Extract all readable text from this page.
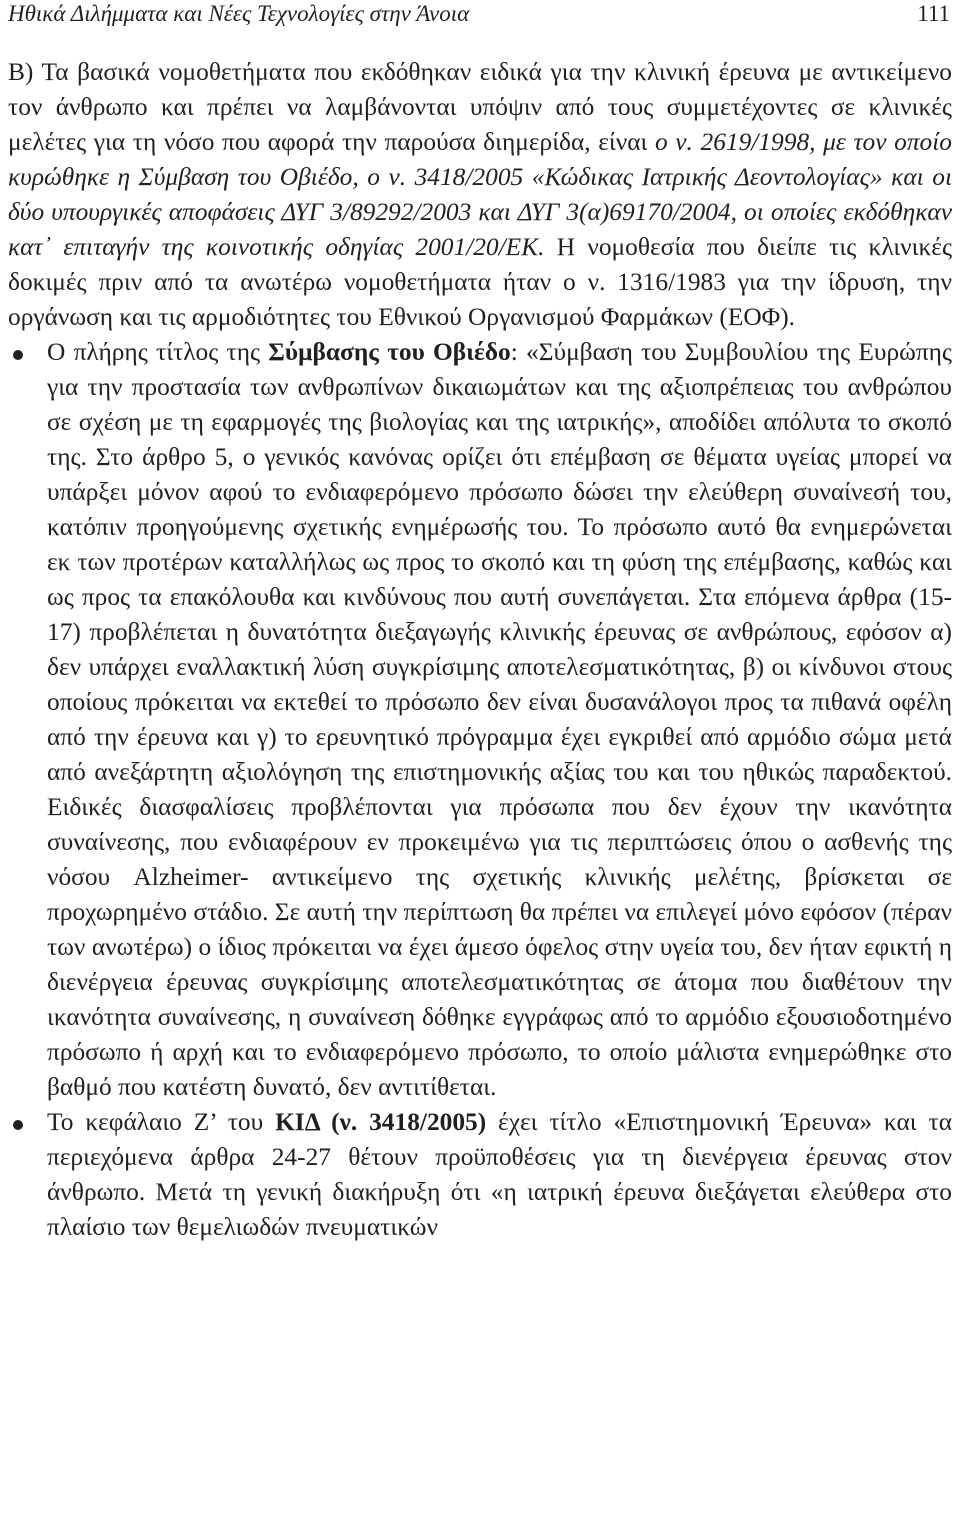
Ηθικά Διλήμματα και Νέες Τεχνολογίες στην Άνοια	111

Β) Τα βασικά νομοθετήματα που εκδόθηκαν ειδικά για την κλινική έρευνα με αντικείμενο τον άνθρωπο και πρέπει να λαμβάνονται υπόψιν από τους συμμετέχοντες σε κλινικές μελέτες για τη νόσο που αφορά την παρούσα διημερίδα, είναι ο ν. 2619/1998, με τον οποίο κυρώθηκε η Σύμβαση του Οβιέδο, ο ν. 3418/2005 «Κώδικας Ιατρικής Δεοντολογίας» και οι δύο υπουργικές αποφάσεις ΔΥΓ 3/89292/2003 και ΔΥΓ 3(α)69170/2004, οι οποίες εκδόθηκαν κατ᾽ επιταγήν της κοινοτικής οδηγίας 2001/20/ΕΚ. Η νομοθεσία που διείπε τις κλινικές δοκιμές πριν από τα ανωτέρω νομοθετήματα ήταν ο ν. 1316/1983 για την ίδρυση, την οργάνωση και τις αρμοδιότητες του Εθνικού Οργανισμού Φαρμάκων (ΕΟΦ).

Ο πλήρης τίτλος της Σύμβασης του Οβιέδο: «Σύμβαση του Συμβουλίου της Ευρώπης για την προστασία των ανθρωπίνων δικαιωμάτων και της αξιοπρέπειας του ανθρώπου σε σχέση με τη εφαρμογές της βιολογίας και της ιατρικής», αποδίδει απόλυτα το σκοπό της. Στο άρθρο 5, ο γενικός κανόνας ορίζει ότι επέμβαση σε θέματα υγείας μπορεί να υπάρξει μόνον αφού το ενδιαφερόμενο πρόσωπο δώσει την ελεύθερη συναίνεσή του, κατόπιν προηγούμενης σχετικής ενημέρωσής του. Το πρόσωπο αυτό θα ενημερώνεται εκ των προτέρων καταλλήλως ως προς το σκοπό και τη φύση της επέμβασης, καθώς και ως προς τα επακόλουθα και κινδύνους που αυτή συνεπάγεται. Στα επόμενα άρθρα (15-17) προβλέπεται η δυνατότητα διεξαγωγής κλινικής έρευνας σε ανθρώπους, εφόσον α) δεν υπάρχει εναλλακτική λύση συγκρίσιμης αποτελεσματικότητας, β) οι κίνδυνοι στους οποίους πρόκειται να εκτεθεί το πρόσωπο δεν είναι δυσανάλογοι προς τα πιθανά οφέλη από την έρευνα και γ) το ερευνητικό πρόγραμμα έχει εγκριθεί από αρμόδιο σώμα μετά από ανεξάρτητη αξιολόγηση της επιστημονικής αξίας του και του ηθικώς παραδεκτού. Ειδικές διασφαλίσεις προβλέπονται για πρόσωπα που δεν έχουν την ικανότητα συναίνεσης, που ενδιαφέρουν εν προκειμένω για τις περιπτώσεις όπου ο ασθενής της νόσου Alzheimer- αντικείμενο της σχετικής κλινικής μελέτης, βρίσκεται σε προχωρημένο στάδιο. Σε αυτή την περίπτωση θα πρέπει να επιλεγεί μόνο εφόσον (πέραν των ανωτέρω) ο ίδιος πρόκειται να έχει άμεσο όφελος στην υγεία του, δεν ήταν εφικτή η διενέργεια έρευνας συγκρίσιμης αποτελεσματικότητας σε άτομα που διαθέτουν την ικανότητα συναίνεσης, η συναίνεση δόθηκε εγγράφως από το αρμόδιο εξουσιοδοτημένο πρόσωπο ή αρχή και το ενδιαφερόμενο πρόσωπο, το οποίο μάλιστα ενημερώθηκε στο βαθμό που κατέστη δυνατό, δεν αντιτίθεται.

Το κεφάλαιο Ζ’ του ΚΙΔ (ν. 3418/2005) έχει τίτλο «Επιστημονική Έρευνα» και τα περιεχόμενα άρθρα 24-27 θέτουν προϋποθέσεις για τη διενέργεια έρευνας στον άνθρωπο. Μετά τη γενική διακήρυξη ότι «η ιατρική έρευνα διεξάγεται ελεύθερα στο πλαίσιο των θεμελιωδών πνευματικών
